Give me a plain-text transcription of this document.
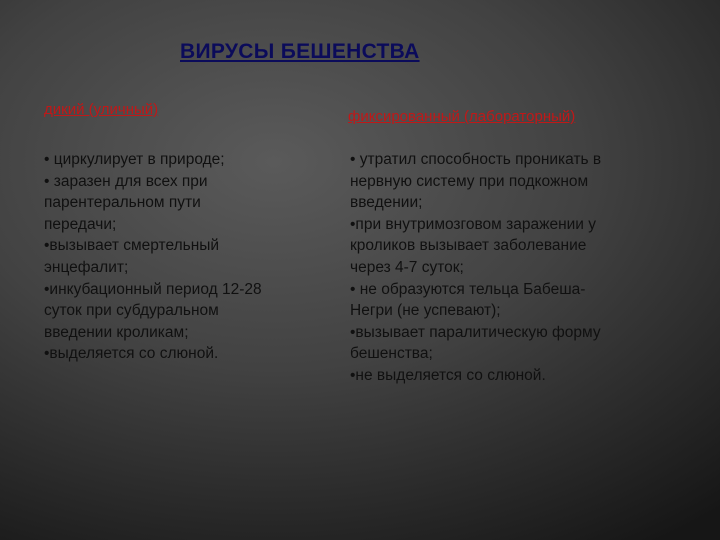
ВИРУСЫ БЕШЕНСТВА
дикий (уличный)	фиксированный (лабораторный)
• циркулирует в природе;
• заразен для всех при
парентеральном пути
передачи;
•вызывает смертельный
энцефалит;
•инкубационный период 12-28
суток при субдуральном
введении кроликам;
•выделяется со слюной.
• утратил способность проникать в
нервную систему при подкожном
введении;
•при внутримозговом заражении у
кроликов вызывает заболевание
через 4-7 суток;
• не образуются тельца Бабеша-
Негри (не успевают);
•вызывает паралитическую форму
бешенства;
•не выделяется со слюной.
